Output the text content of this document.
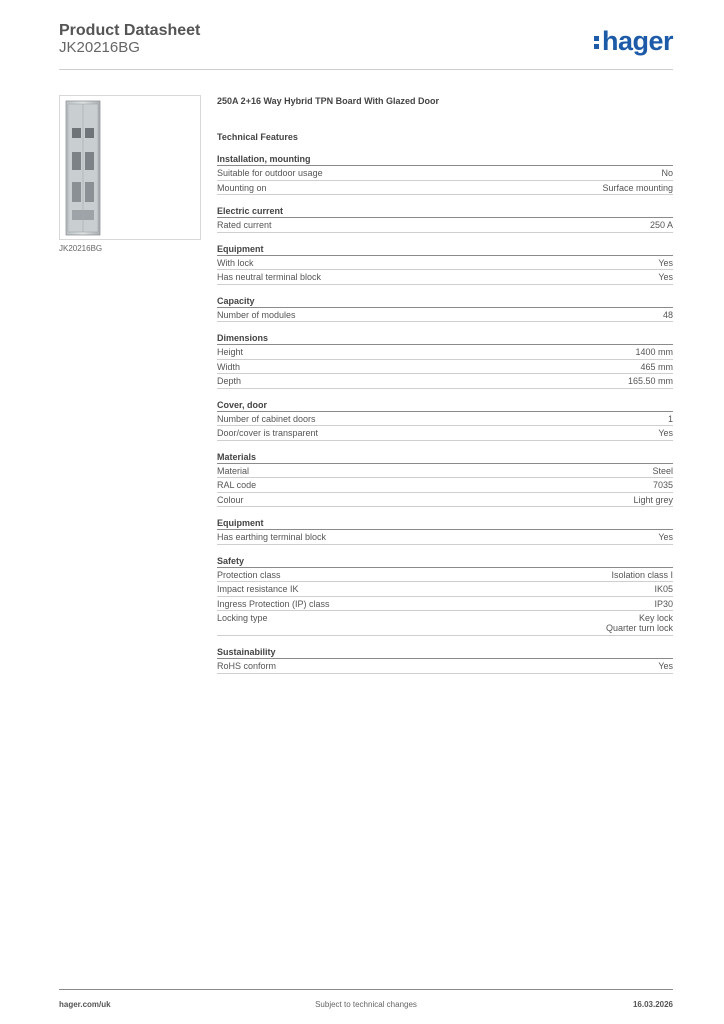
Product Datasheet
JK20216BG	hager
JK20216BG
250A 2+16 Way Hybrid TPN Board With Glazed Door
Technical Features
Installation, mounting
Suitable for outdoor usage	No
Mounting on	Surface mounting
Electric current
Rated current	250 A
Equipment
With lock	Yes
Has neutral terminal block	Yes
Capacity
Number of modules	48
Dimensions
Height	1400 mm
Width	465 mm
Depth	165.50 mm
Cover, door
Number of cabinet doors	1
Door/cover is transparent	Yes
Materials
Material	Steel
RAL code	7035
Colour	Light grey
Equipment
Has earthing terminal block	Yes
Safety
Protection class	Isolation class I
Impact resistance IK	IK05
Ingress Protection (IP) class	IP30
Locking type	Key lock
Quarter turn lock
Sustainability
RoHS conform	Yes
hager.com/uk	Subject to technical changes	16.03.2026
